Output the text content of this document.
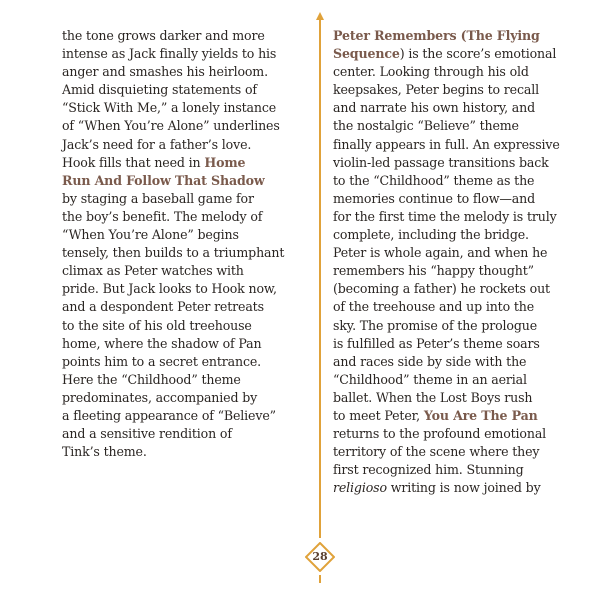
the tone grows darker and more
intense as Jack finally yields to his
anger and smashes his heirloom.
Amid disquieting statements of
“Stick With Me,” a lonely instance
of “When You’re Alone” underlines
Jack’s need for a father’s love.
Hook fills that need in Home
Run And Follow That Shadow
by staging a baseball game for
the boy’s benefit. The melody of
“When You’re Alone” begins
tensely, then builds to a triumphant
climax as Peter watches with
pride. But Jack looks to Hook now,
and a despondent Peter retreats
to the site of his old treehouse
home, where the shadow of Pan
points him to a secret entrance.
Here the “Childhood” theme
predominates, accompanied by
a fleeting appearance of “Believe”
and a sensitive rendition of
Tink’s theme.
Peter Remembers (The Flying
Sequence) is the score’s emotional
center. Looking through his old
keepsakes, Peter begins to recall
and narrate his own history, and
the nostalgic “Believe” theme
finally appears in full. An expressive
violin-led passage transitions back
to the “Childhood” theme as the
memories continue to flow—and
for the first time the melody is truly
complete, including the bridge.
Peter is whole again, and when he
remembers his “happy thought”
(becoming a father) he rockets out
of the treehouse and up into the
sky. The promise of the prologue
is fulfilled as Peter’s theme soars
and races side by side with the
“Childhood” theme in an aerial
ballet. When the Lost Boys rush
to meet Peter, You Are The Pan
returns to the profound emotional
territory of the scene where they
first recognized him. Stunning
religioso writing is now joined by
28
